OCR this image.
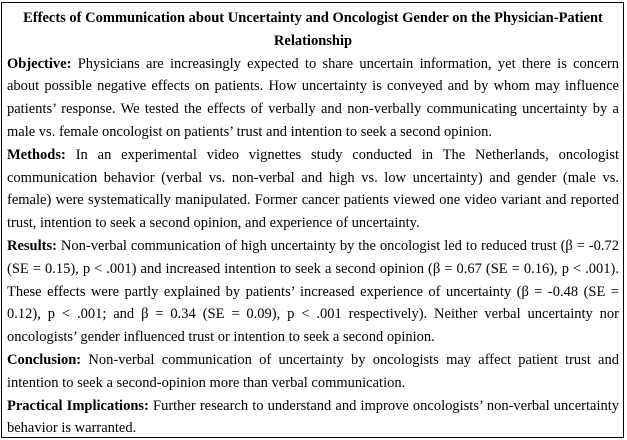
Effects of Communication about Uncertainty and Oncologist Gender on the Physician-Patient Relationship

Objective: Physicians are increasingly expected to share uncertain information, yet there is concern about possible negative effects on patients. How uncertainty is conveyed and by whom may influence patients’ response. We tested the effects of verbally and non-verbally communicating uncertainty by a male vs. female oncologist on patients’ trust and intention to seek a second opinion.

Methods: In an experimental video vignettes study conducted in The Netherlands, oncologist communication behavior (verbal vs. non-verbal and high vs. low uncertainty) and gender (male vs. female) were systematically manipulated. Former cancer patients viewed one video variant and reported trust, intention to seek a second opinion, and experience of uncertainty.

Results: Non-verbal communication of high uncertainty by the oncologist led to reduced trust (β = -0.72 (SE = 0.15), p < .001) and increased intention to seek a second opinion (β = 0.67 (SE = 0.16), p < .001). These effects were partly explained by patients’ increased experience of uncertainty (β = -0.48 (SE = 0.12), p < .001; and β = 0.34 (SE = 0.09), p < .001 respectively). Neither verbal uncertainty nor oncologists’ gender influenced trust or intention to seek a second opinion.

Conclusion: Non-verbal communication of uncertainty by oncologists may affect patient trust and intention to seek a second-opinion more than verbal communication.

Practical Implications: Further research to understand and improve oncologists’ non-verbal uncertainty behavior is warranted.
